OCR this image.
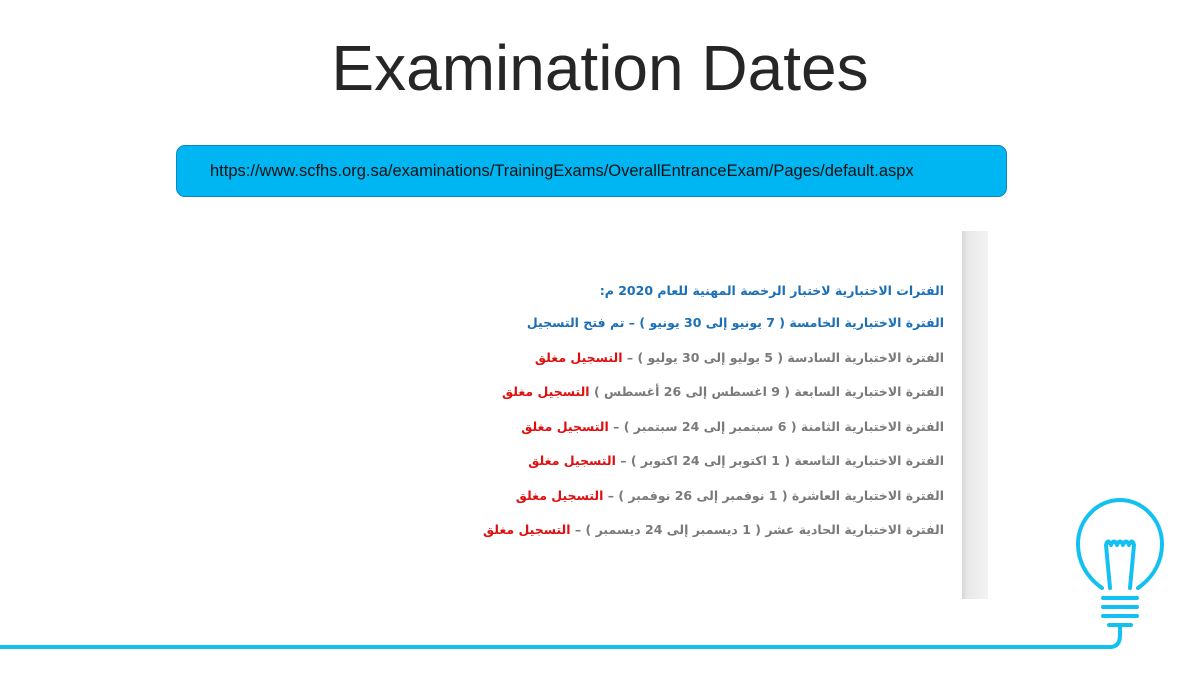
Examination Dates
https://www.scfhs.org.sa/examinations/TrainingExams/OverallEntranceExam/Pages/default.aspx
الفترات الاختبارية لاختبار الرخصة المهنية للعام 2020 م:
الفترة الاختبارية الخامسة ( 7 يونيو إلى 30 يونيو ) – تم فتح التسجيل
الفترة الاختبارية السادسة ( 5 يوليو إلى 30 يوليو ) – التسجيل مغلق
الفترة الاختبارية السابعة ( 9 اغسطس إلى 26 أغسطس ) التسجيل مغلق
الفترة الاختبارية الثامنة ( 6 سبتمبر إلى 24 سبتمبر ) – التسجيل مغلق
الفترة الاختبارية التاسعة ( 1 اكتوبر إلى 24 اكتوبر ) – التسجيل مغلق
الفترة الاختبارية العاشرة ( 1 نوفمبر إلى 26 نوفمبر ) – التسجيل مغلق
الفترة الاختبارية الحادية عشر ( 1 ديسمبر إلى 24 ديسمبر ) – التسجيل مغلق
